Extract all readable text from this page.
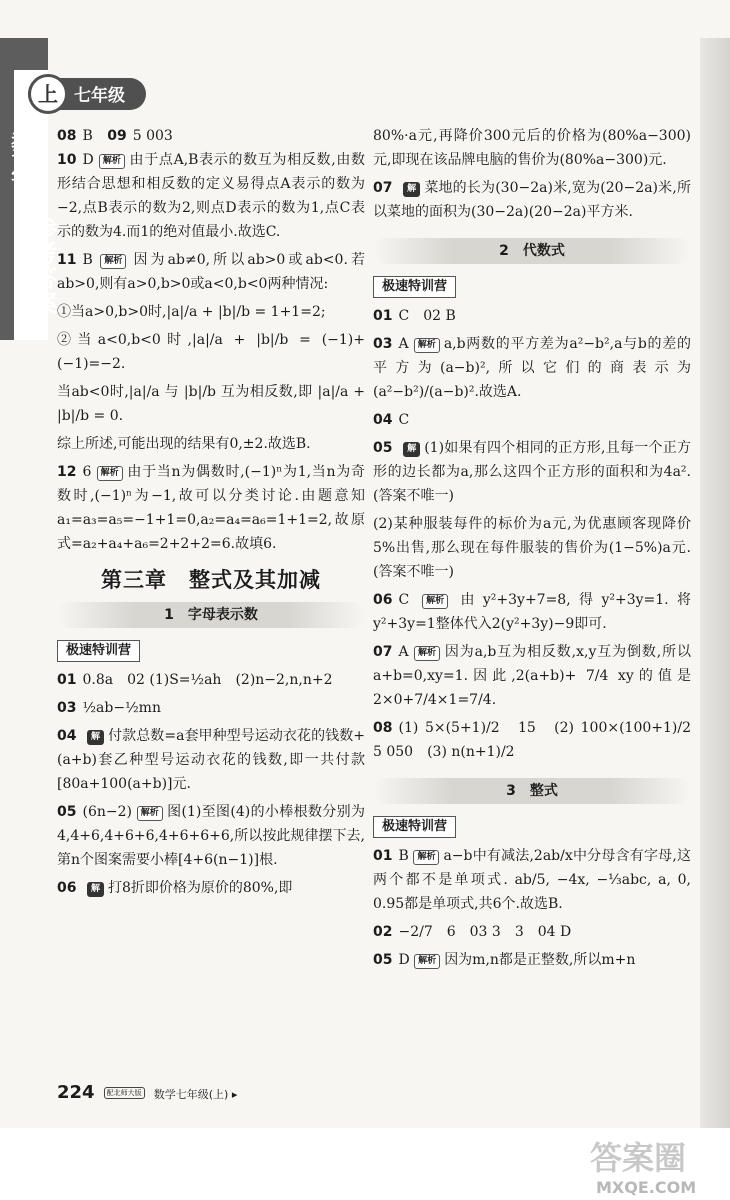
数学
参考答案
上 七年级
08 B 09 5 003
10 D 解析 由于点A,B表示的数互为相反数,由数形结合思想和相反数的定义易得点A表示的数为−2,点B表示的数为2,则点D表示的数为1,点C表示的数为4.而1的绝对值最小.故选C.
11 B 解析 因为ab≠0,所以ab>0或ab<0.若ab>0,则有a>0,b>0或a<0,b<0两种情况:
①当a>0,b>0时,|a|/a + |b|/b = 1+1=2;
②当a<0,b<0时,|a|/a + |b|/b = (−1)+(−1)=−2.
当ab<0时,|a|/a 与 |b|/b 互为相反数,即 |a|/a + |b|/b = 0.
综上所述,可能出现的结果有0,±2.故选B.
12 6 解析 由于当n为偶数时,(−1)ⁿ为1,当n为奇数时,(−1)ⁿ为−1,故可以分类讨论.由题意知a₁=a₃=a₅=−1+1=0,a₂=a₄=a₆=1+1=2,故原式=a₂+a₄+a₆=2+2+2=6.故填6.
第三章　整式及其加减
1　字母表示数
极速特训营
01 0.8a　02 (1)S=½ah　(2)n−2,n,n+2
03 ½ab−½mn
04 解 付款总数=a套甲种型号运动衣花的钱数+(a+b)套乙种型号运动衣花的钱数,即一共付款[80a+100(a+b)]元.
05 (6n−2) 解析 图(1)至图(4)的小棒根数分别为4,4+6,4+6+6,4+6+6+6,所以按此规律摆下去,第n个图案需要小棒[4+6(n−1)]根.
06 解 打8折即价格为原价的80%,即
80%·a元,再降价300元后的价格为(80%a−300)元,即现在该品牌电脑的售价为(80%a−300)元.
07 解 菜地的长为(30−2a)米,宽为(20−2a)米,所以菜地的面积为(30−2a)(20−2a)平方米.
2　代数式
极速特训营
01 C　02 B
03 A 解析 a,b两数的平方差为a²−b²,a与b的差的平方为(a−b)²,所以它们的商表示为(a²−b²)/(a−b)².故选A.
04 C
05 解 (1)如果有四个相同的正方形,且每一个正方形的边长都为a,那么这四个正方形的面积和为4a².(答案不唯一)
(2)某种服装每件的标价为a元,为优惠顾客现降价5%出售,那么现在每件服装的售价为(1−5%)a元.(答案不唯一)
06 C 解析 由y²+3y+7=8,得y²+3y=1.将y²+3y=1整体代入2(y²+3y)−9即可.
07 A 解析 因为a,b互为相反数,x,y互为倒数,所以a+b=0,xy=1.因此,2(a+b)+ 7/4 xy的值是2×0+7/4×1=7/4.
08 (1) 5×(5+1)/2　15　(2) 100×(100+1)/2　5 050　(3) n(n+1)/2
3　整式
极速特训营
01 B 解析 a−b中有减法,2ab/x中分母含有字母,这两个都不是单项式. ab/5, −4x, −⅓abc, a, 0, 0.95都是单项式,共6个.故选B.
02 −2/7　6　03 3　3　04 D
05 D 解析 因为m,n都是正整数,所以m+n
224 配北师大版 数学七年级(上) ▸
答案圈
MXQE.COM
